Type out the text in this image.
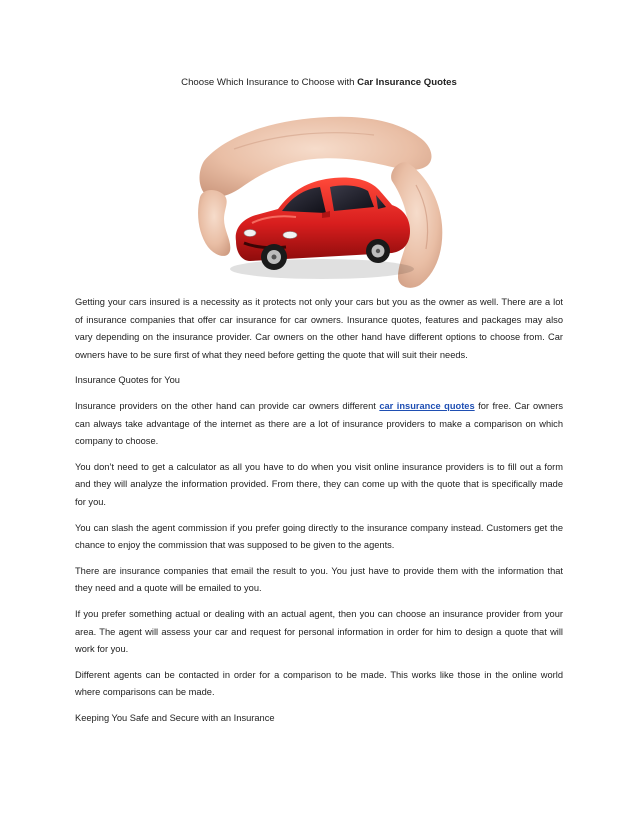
Choose Which Insurance to Choose with Car Insurance Quotes

Getting your cars insured is a necessity as it protects not only your cars but you as the owner as well. There are a lot of insurance companies that offer car insurance for car owners. Insurance quotes, features and packages may also vary depending on the insurance provider. Car owners on the other hand have different options to choose from. Car owners have to be sure first of what they need before getting the quote that will suit their needs.

Insurance Quotes for You

Insurance providers on the other hand can provide car owners different car insurance quotes for free. Car owners can always take advantage of the internet as there are a lot of insurance providers to make a comparison on which company to choose.

You don’t need to get a calculator as all you have to do when you visit online insurance providers is to fill out a form and they will analyze the information provided. From there, they can come up with the quote that is specifically made for you.

You can slash the agent commission if you prefer going directly to the insurance company instead. Customers get the chance to enjoy the commission that was supposed to be given to the agents.

There are insurance companies that email the result to you. You just have to provide them with the information that they need and a quote will be emailed to you.

If you prefer something actual or dealing with an actual agent, then you can choose an insurance provider from your area. The agent will assess your car and request for personal information in order for him to design a quote that will work for you.

Different agents can be contacted in order for a comparison to be made. This works like those in the online world where comparisons can be made.

Keeping You Safe and Secure with an Insurance
